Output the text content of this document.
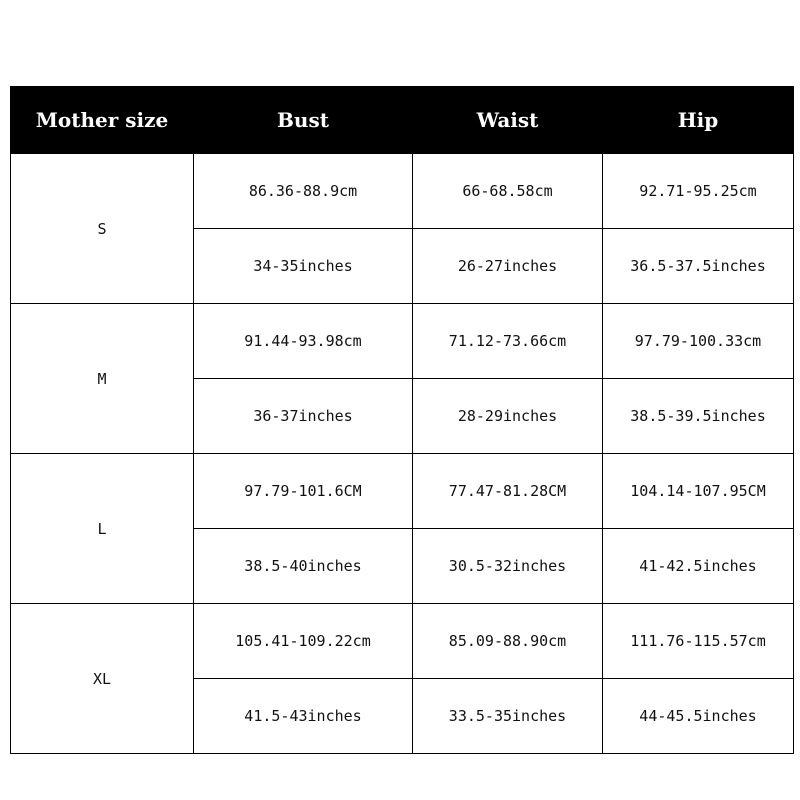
Mother size	Bust	Waist	Hip
S	86.36-88.9cm	66-68.58cm	92.71-95.25cm
	34-35inches	26-27inches	36.5-37.5inches
M	91.44-93.98cm	71.12-73.66cm	97.79-100.33cm
	36-37inches	28-29inches	38.5-39.5inches
L	97.79-101.6CM	77.47-81.28CM	104.14-107.95CM
	38.5-40inches	30.5-32inches	41-42.5inches
XL	105.41-109.22cm	85.09-88.90cm	111.76-115.57cm
	41.5-43inches	33.5-35inches	44-45.5inches
